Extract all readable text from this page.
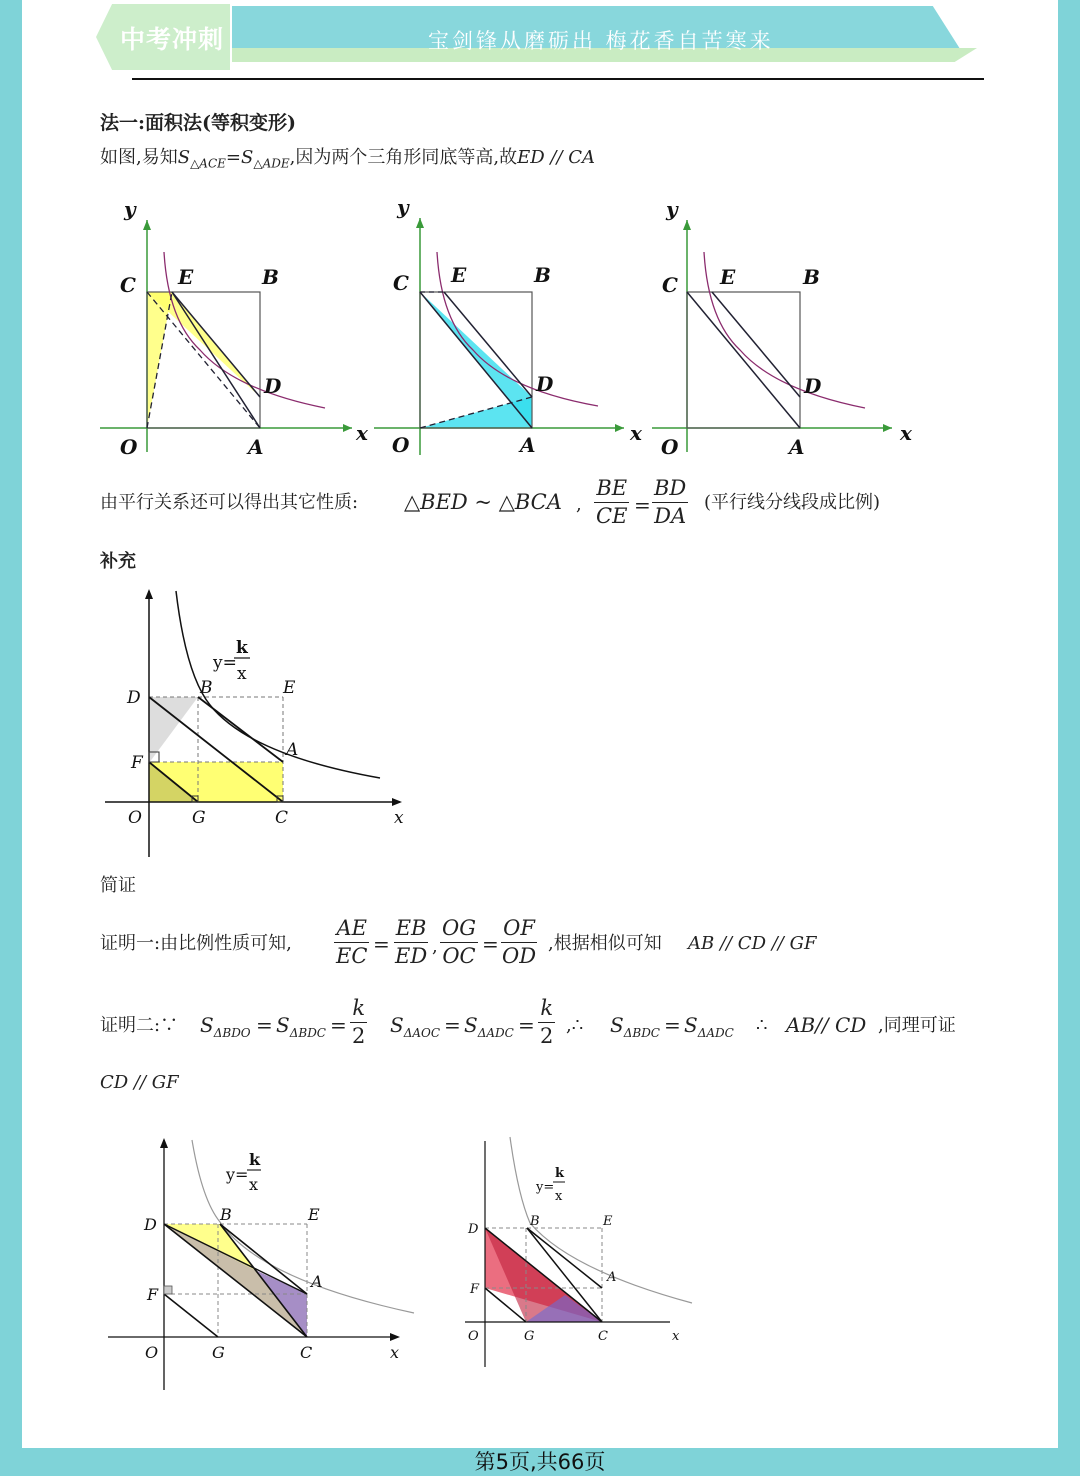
中考冲刺	宝剑锋从磨砺出 梅花香自苦寒来
法一:面积法(等积变形)
如图,易知$S_{\triangle ACE}=S_{\triangle ADE}$,因为两个三角形同底等高,故ED // CA
y
x
O
C E	B
D
A
y
x
O
C E	B
D
A
y
x
O
C E	B
D
A
由平行关系还可以得出其它性质: △BED ~ △BCA , $\frac{BE}{CE} = \frac{BD}{DA}$ (平行线分线段成比例)
补充
y=
k
x
D	B	E
A
F
O	G	C	x
简证
证明一:由比例性质可知, $\frac{AE}{EC} = \frac{EB}{ED}$ , $\frac{OG}{OC} = \frac{OF}{OD}$ ,根据相似可知 AB // CD // GF
证明二:∵ $S_{\Delta BDO} = S_{\Delta BDC} = \frac{k}{2} S_{\Delta AOC} = S_{\Delta ADC} = \frac{k}{2}$ ,∴ $S_{\Delta BDC} = S_{\Delta ADC}$ ∴ AB// CD ,同理可证
CD // GF
y=
k
x
D
B	E
A
F
O	G	C	x
y=
k
x
D
B	E
A
F
O	G	C	x
第5页,共66页
